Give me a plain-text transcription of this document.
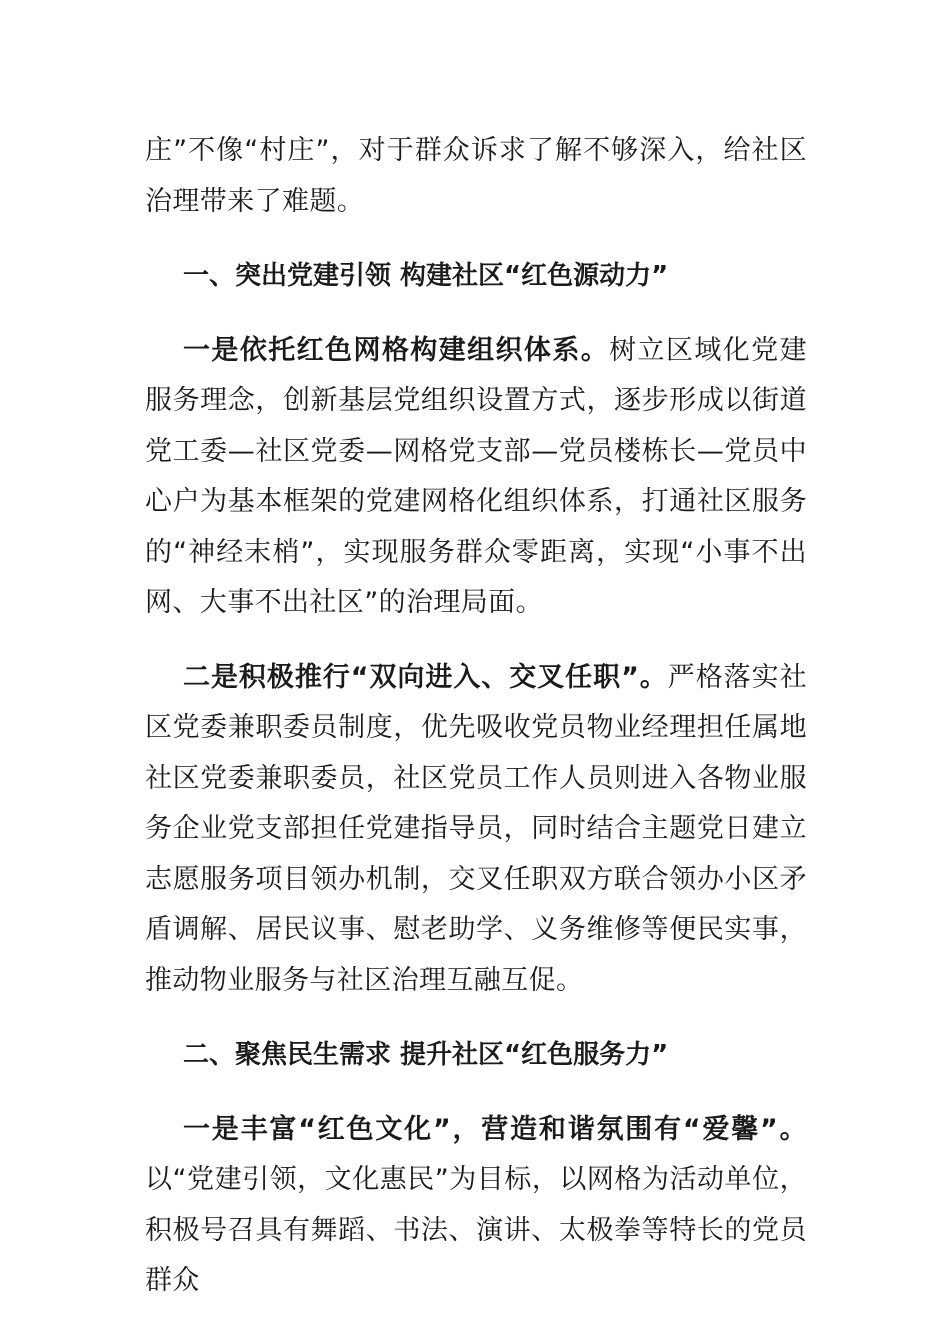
庄”不像“村庄”，对于群众诉求了解不够深入，给社区治理带来了难题。

一、突出党建引领 构建社区“红色源动力”

一是依托红色网格构建组织体系。树立区域化党建服务理念，创新基层党组织设置方式，逐步形成以街道党工委—社区党委—网格党支部—党员楼栋长—党员中心户为基本框架的党建网格化组织体系，打通社区服务的“神经末梢”，实现服务群众零距离，实现“小事不出网、大事不出社区”的治理局面。

二是积极推行“双向进入、交叉任职”。严格落实社区党委兼职委员制度，优先吸收党员物业经理担任属地社区党委兼职委员，社区党员工作人员则进入各物业服务企业党支部担任党建指导员，同时结合主题党日建立志愿服务项目领办机制，交叉任职双方联合领办小区矛盾调解、居民议事、慰老助学、义务维修等便民实事，推动物业服务与社区治理互融互促。

二、聚焦民生需求 提升社区“红色服务力”

一是丰富“红色文化”，营造和谐氛围有“爱馨”。以“党建引领，文化惠民”为目标，以网格为活动单位，积极号召具有舞蹈、书法、演讲、太极拳等特长的党员群众
